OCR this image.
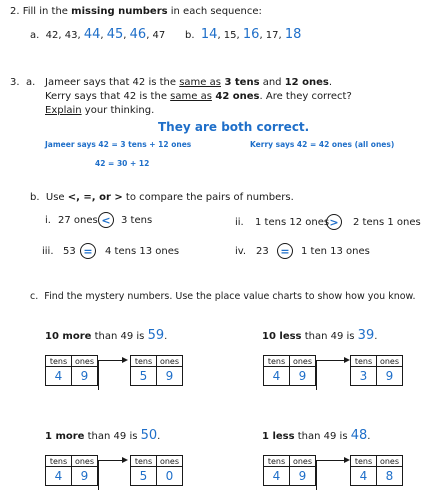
2. Fill in the missing numbers in each sequence:
a. 42, 43, 44, 45, 46, 47 b. 14, 15, 16, 17, 18
3. a. Jameer says that 42 is the same as 3 tens and 12 ones.
Kerry says that 42 is the same as 42 ones. Are they correct?
Explain your thinking.
They are both correct.
Jameer says 42 = 3 tens + 12 ones	Kerry says 42 = 42 ones (all ones)
42 = 30 + 12
b. Use <, =, or > to compare the pairs of numbers.
i. 27 ones <	3 tens	ii. 1 tens 12 ones >	2 tens 1 ones
iii. 53 =	4 tens 13 ones	iv. 23	=	1 ten 13 ones
c. Find the mystery numbers. Use the place value charts to show how you know.
10 more than 49 is 59.
tens	ones
4	9
tens	ones
5	9
10 less than 49 is 39.
tens	ones
4	9
tens	ones
3	9
1 more than 49 is 50.
tens	ones
4	9
tens	ones
5	0
1 less than 49 is 48.
tens	ones
4	9
tens	ones
4	8
